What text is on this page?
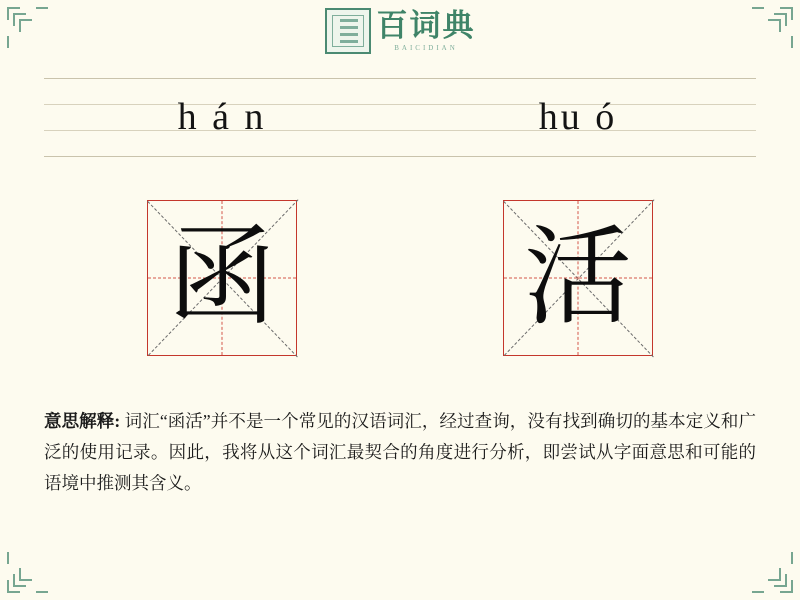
百词典
BAICIDIAN
h á n	hu ó
函 活
意思解释: 词汇“函活”并不是一个常见的汉语词汇，经过查询，没有找到确切的基本定义和广泛的使用记录。因此，我将从这个词汇最契合的角度进行分析，即尝试从字面意思和可能的语境中推测其含义。
